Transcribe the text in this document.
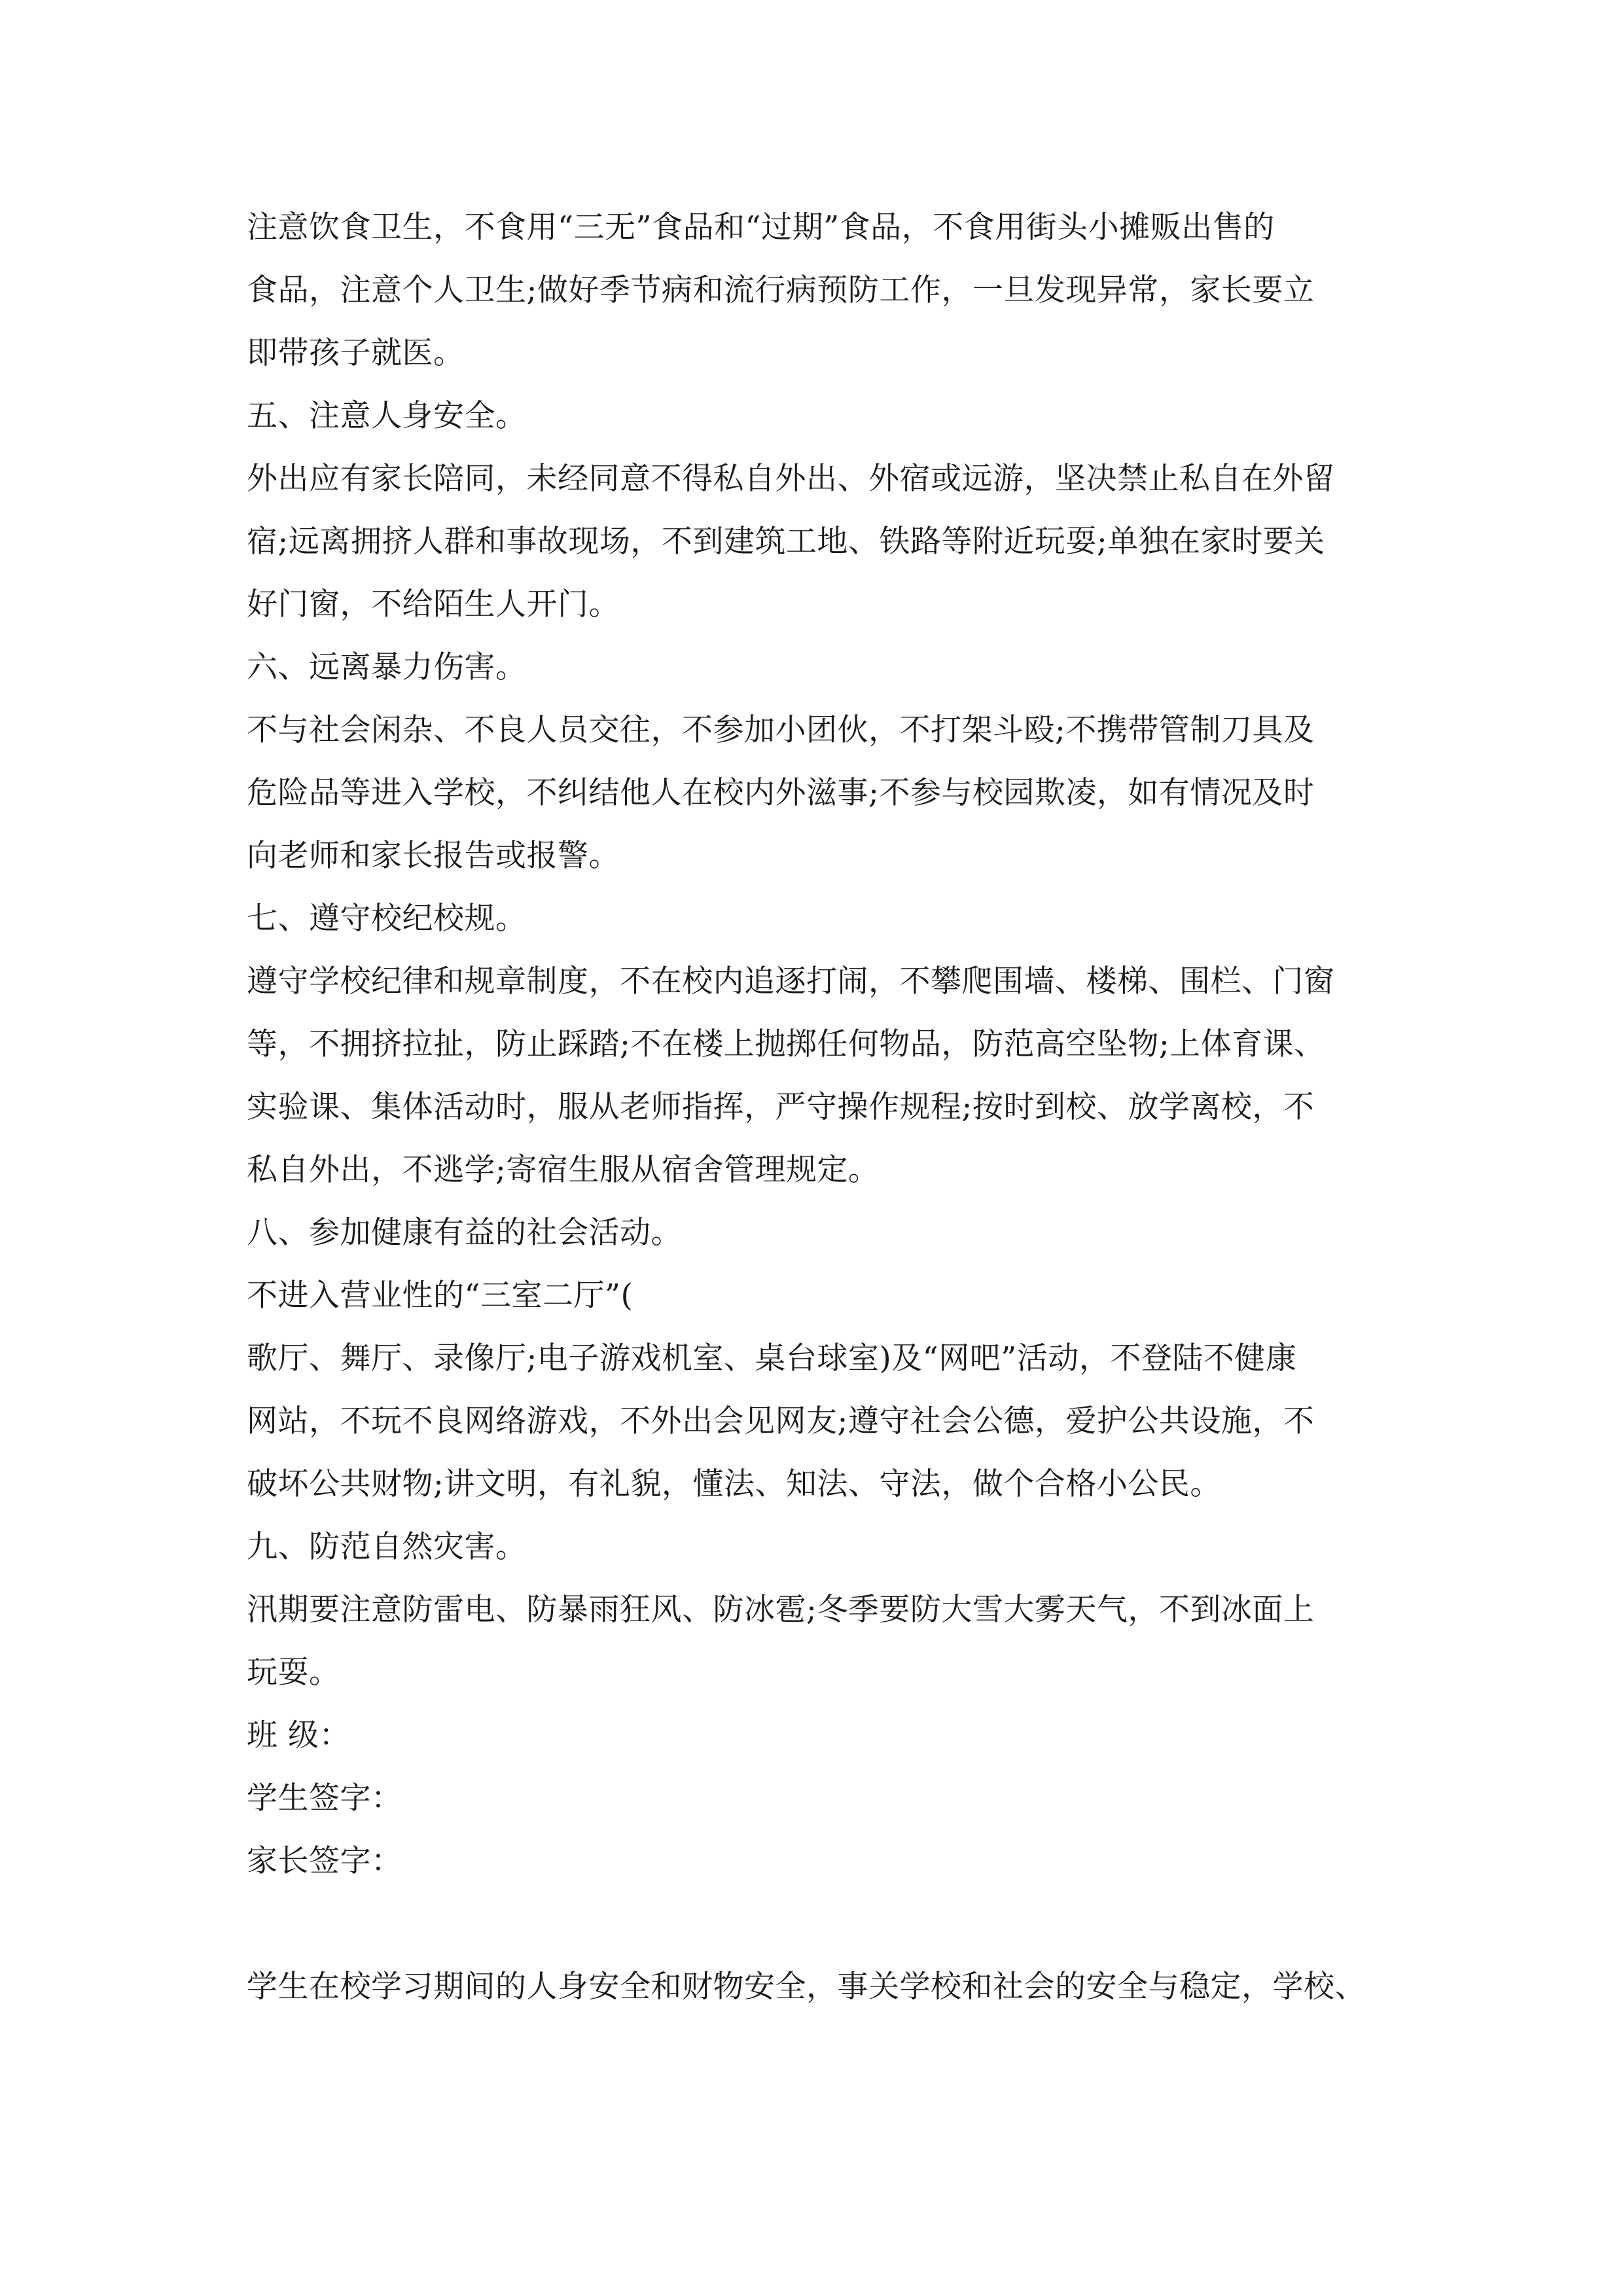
注意饮食卫生，不食用“三无”食品和“过期”食品，不食用街头小摊贩出售的
食品，注意个人卫生;做好季节病和流行病预防工作，一旦发现异常，家长要立
即带孩子就医。
五、注意人身安全。
外出应有家长陪同，未经同意不得私自外出、外宿或远游，坚决禁止私自在外留
宿;远离拥挤人群和事故现场，不到建筑工地、铁路等附近玩耍;单独在家时要关
好门窗，不给陌生人开门。
六、远离暴力伤害。
不与社会闲杂、不良人员交往，不参加小团伙，不打架斗殴;不携带管制刀具及
危险品等进入学校，不纠结他人在校内外滋事;不参与校园欺凌，如有情况及时
向老师和家长报告或报警。
七、遵守校纪校规。
遵守学校纪律和规章制度，不在校内追逐打闹，不攀爬围墙、楼梯、围栏、门窗
等，不拥挤拉扯，防止踩踏;不在楼上抛掷任何物品，防范高空坠物;上体育课、
实验课、集体活动时，服从老师指挥，严守操作规程;按时到校、放学离校，不
私自外出，不逃学;寄宿生服从宿舍管理规定。
八、参加健康有益的社会活动。
不进入营业性的“三室二厅”(
歌厅、舞厅、录像厅;电子游戏机室、桌台球室)及“网吧”活动，不登陆不健康
网站，不玩不良网络游戏，不外出会见网友;遵守社会公德，爱护公共设施，不
破坏公共财物;讲文明，有礼貌，懂法、知法、守法，做个合格小公民。
九、防范自然灾害。
汛期要注意防雷电、防暴雨狂风、防冰雹;冬季要防大雪大雾天气，不到冰面上
玩耍。
班 级：
学生签字：
家长签字：
学生在校学习期间的人身安全和财物安全，事关学校和社会的安全与稳定，学校、
